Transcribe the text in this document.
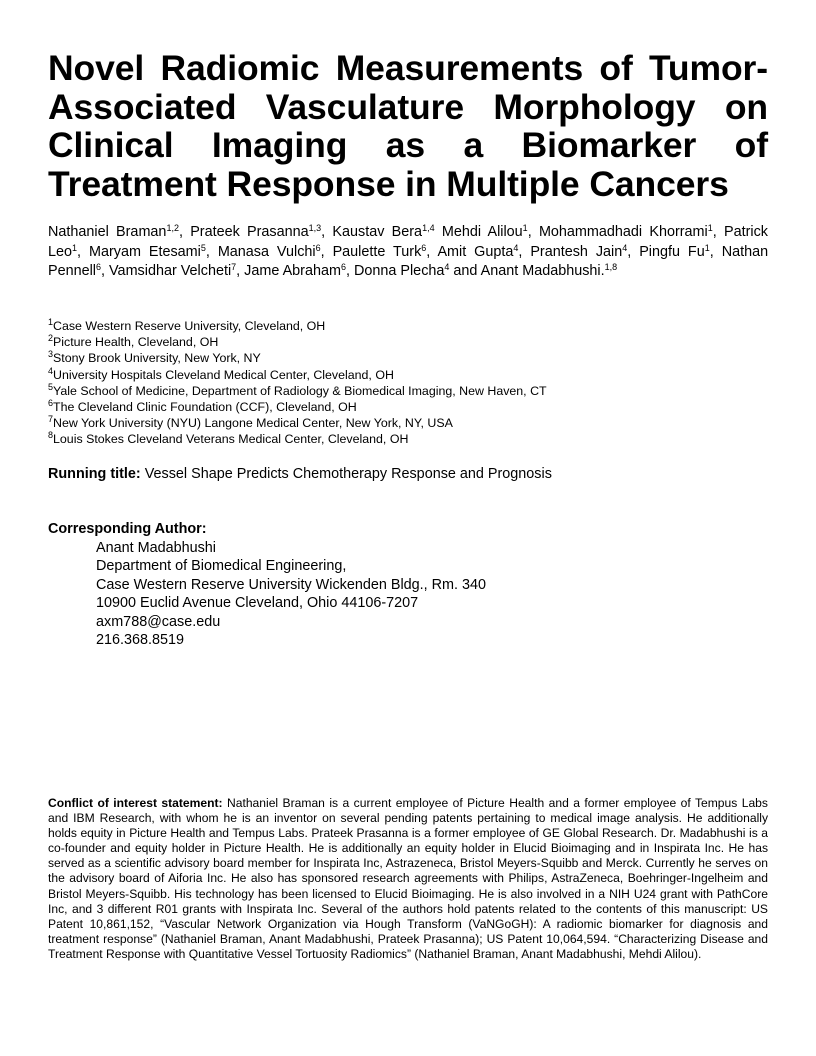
Novel Radiomic Measurements of Tumor-Associated Vasculature Morphology on Clinical Imaging as a Biomarker of Treatment Response in Multiple Cancers
Nathaniel Braman$^{1,2}$, Prateek Prasanna$^{1,3}$, Kaustav Bera$^{1,4}$ Mehdi Alilou$^1$, Mohammadhadi Khorrami$^1$, Patrick Leo$^1$, Maryam Etesami$^5$, Manasa Vulchi$^6$, Paulette Turk$^6$, Amit Gupta$^4$, Prantesh Jain$^4$, Pingfu Fu$^1$, Nathan Pennell$^6$, Vamsidhar Velcheti$^7$, Jame Abraham$^6$, Donna Plecha$^4$ and Anant Madabhushi.$^{1,8}$
$^1$Case Western Reserve University, Cleveland, OH
$^2$Picture Health, Cleveland, OH
$^3$Stony Brook University, New York, NY
$^4$University Hospitals Cleveland Medical Center, Cleveland, OH
$^5$Yale School of Medicine, Department of Radiology & Biomedical Imaging, New Haven, CT
$^6$The Cleveland Clinic Foundation (CCF), Cleveland, OH
$^7$New York University (NYU) Langone Medical Center, New York, NY, USA
$^8$Louis Stokes Cleveland Veterans Medical Center, Cleveland, OH
Running title: Vessel Shape Predicts Chemotherapy Response and Prognosis
Corresponding Author:
Anant Madabhushi
Department of Biomedical Engineering,
Case Western Reserve University Wickenden Bldg., Rm. 340
10900 Euclid Avenue Cleveland, Ohio 44106-7207
axm788@case.edu
216.368.8519
Conflict of interest statement: Nathaniel Braman is a current employee of Picture Health and a former employee of Tempus Labs and IBM Research, with whom he is an inventor on several pending patents pertaining to medical image analysis. He additionally holds equity in Picture Health and Tempus Labs. Prateek Prasanna is a former employee of GE Global Research. Dr. Madabhushi is a co-founder and equity holder in Picture Health. He is additionally an equity holder in Elucid Bioimaging and in Inspirata Inc. He has served as a scientific advisory board member for Inspirata Inc, Astrazeneca, Bristol Meyers-Squibb and Merck. Currently he serves on the advisory board of Aiforia Inc. He also has sponsored research agreements with Philips, AstraZeneca, Boehringer-Ingelheim and Bristol Meyers-Squibb. His technology has been licensed to Elucid Bioimaging. He is also involved in a NIH U24 grant with PathCore Inc, and 3 different R01 grants with Inspirata Inc. Several of the authors hold patents related to the contents of this manuscript: US Patent 10,861,152, “Vascular Network Organization via Hough Transform (VaNGoGH): A radiomic biomarker for diagnosis and treatment response” (Nathaniel Braman, Anant Madabhushi, Prateek Prasanna); US Patent 10,064,594. “Characterizing Disease and Treatment Response with Quantitative Vessel Tortuosity Radiomics” (Nathaniel Braman, Anant Madabhushi, Mehdi Alilou).
